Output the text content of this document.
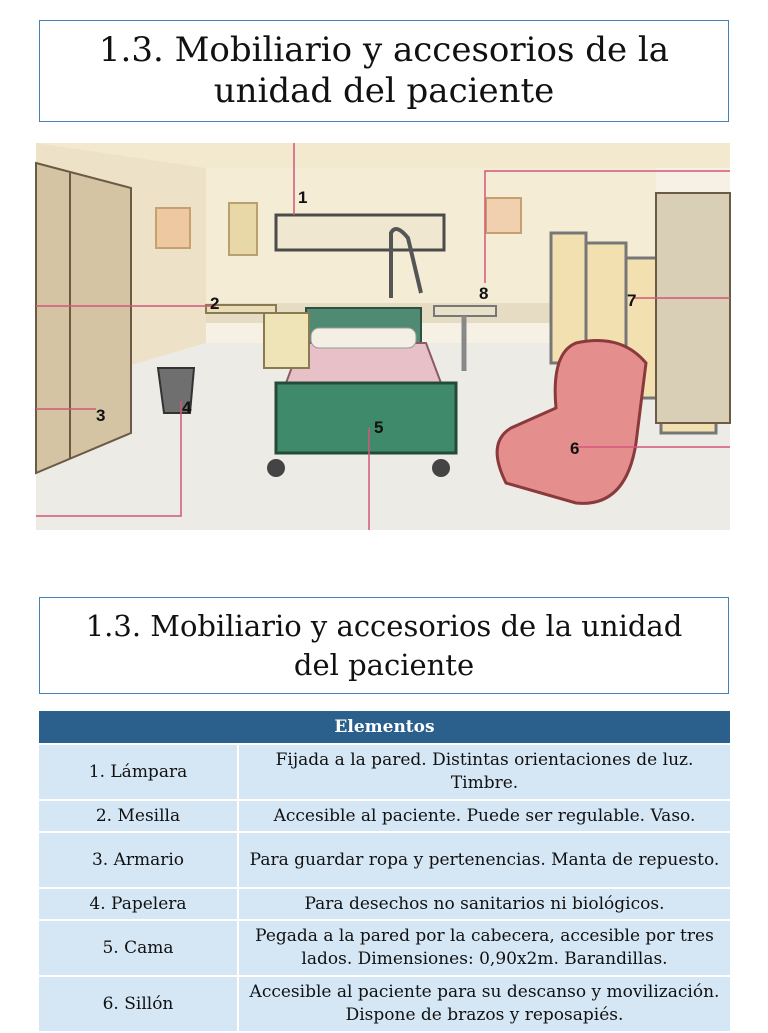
1.3. Mobiliario y accesorios de la unidad del paciente
1
2
3	4
5
6
7
8
1.3. Mobiliario y accesorios de la unidad del paciente
Elementos	
1. Lámpara	Fijada a la pared. Distintas orientaciones de luz. Timbre.
2. Mesilla	Accesible al paciente. Puede ser regulable. Vaso.
3. Armario	Para guardar ropa y pertenencias. Manta de repuesto.
4. Papelera	Para desechos no sanitarios ni biológicos.
5. Cama	Pegada a la pared por la cabecera, accesible por tres lados. Dimensiones: 0,90x2m. Barandillas.
6. Sillón	Accesible al paciente para su descanso y movilización. Dispone de brazos y reposapiés.
